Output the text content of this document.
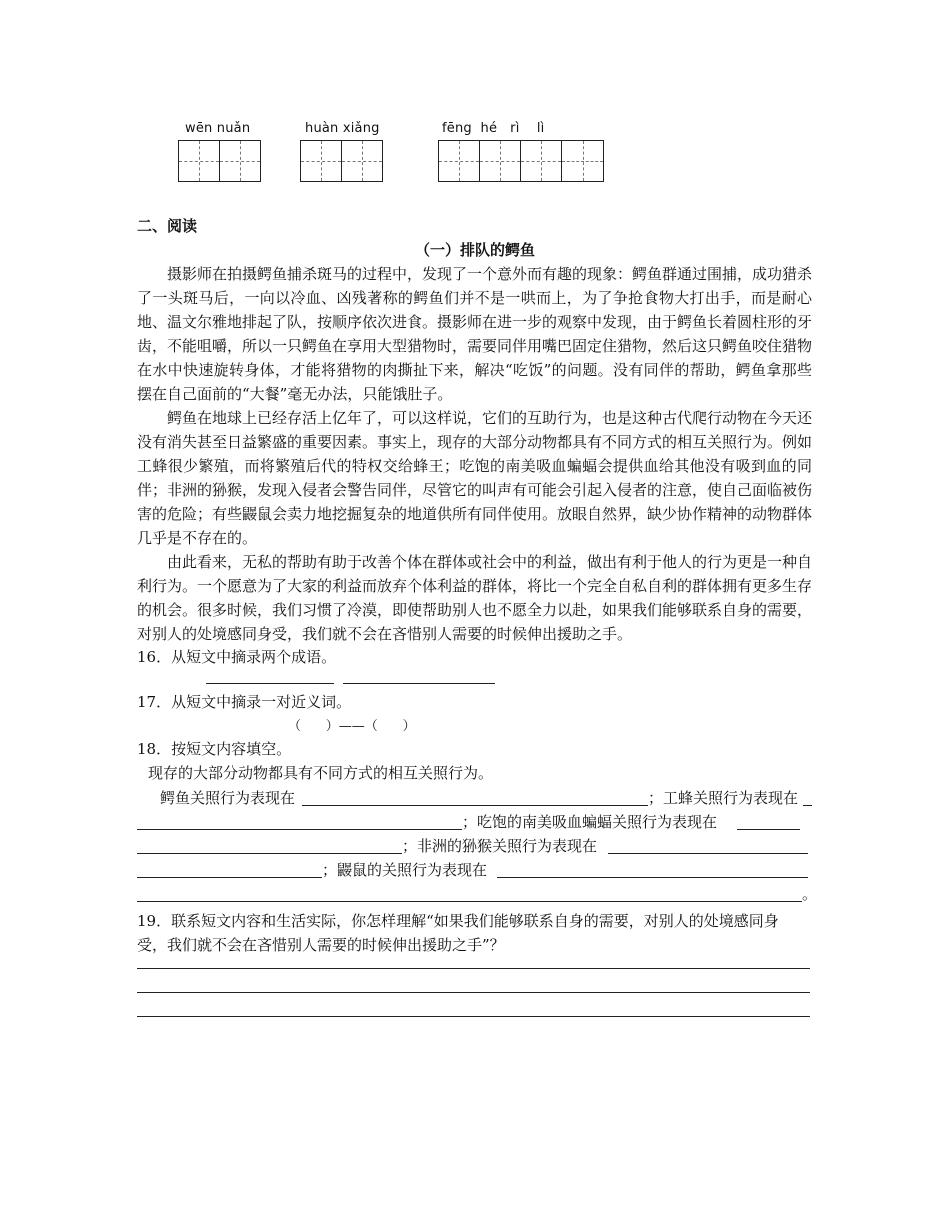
wēn nuǎn	huàn xiǎng	fēng  hé   rì    lì
二、阅读
（一）排队的鳄鱼

摄影师在拍摄鳄鱼捕杀斑马的过程中，发现了一个意外而有趣的现象：鳄鱼群通过围捕，成功猎杀了一头斑马后，一向以冷血、凶残著称的鳄鱼们并不是一哄而上，为了争抢食物大打出手，而是耐心地、温文尔雅地排起了队，按顺序依次进食。摄影师在进一步的观察中发现，由于鳄鱼长着圆柱形的牙齿，不能咀嚼，所以一只鳄鱼在享用大型猎物时，需要同伴用嘴巴固定住猎物，然后这只鳄鱼咬住猎物在水中快速旋转身体，才能将猎物的肉撕扯下来，解决“吃饭”的问题。没有同伴的帮助，鳄鱼拿那些摆在自己面前的“大餐”毫无办法，只能饿肚子。

鳄鱼在地球上已经存活上亿年了，可以这样说，它们的互助行为，也是这种古代爬行动物在今天还没有消失甚至日益繁盛的重要因素。事实上，现存的大部分动物都具有不同方式的相互关照行为。例如工蜂很少繁殖，而将繁殖后代的特权交给蜂王；吃饱的南美吸血蝙蝠会提供血给其他没有吸到血的同伴；非洲的狲猴，发现入侵者会警告同伴，尽管它的叫声有可能会引起入侵者的注意，使自己面临被伤害的危险；有些鼹鼠会卖力地挖掘复杂的地道供所有同伴使用。放眼自然界，缺少协作精神的动物群体几乎是不存在的。

由此看来，无私的帮助有助于改善个体在群体或社会中的利益，做出有利于他人的行为更是一种自利行为。一个愿意为了大家的利益而放弃个体利益的群体，将比一个完全自私自利的群体拥有更多生存的机会。很多时候，我们习惯了冷漠，即使帮助别人也不愿全力以赴，如果我们能够联系自身的需要，对别人的处境感同身受，我们就不会在吝惜别人需要的时候伸出援助之手。

16．从短文中摘录两个成语。
17．从短文中摘录一对近义词。
（      ）——（      ）
18．按短文内容填空。
现存的大部分动物都具有不同方式的相互关照行为。
鳄鱼关照行为表现在	；工蜂关照行为表现在
；吃饱的南美吸血蝙蝠关照行为表现在
；非洲的狲猴关照行为表现在
；鼹鼠的关照行为表现在
。
19．联系短文内容和生活实际，你怎样理解“如果我们能够联系自身的需要，对别人的处境感同身
受，我们就不会在吝惜别人需要的时候伸出援助之手”？
